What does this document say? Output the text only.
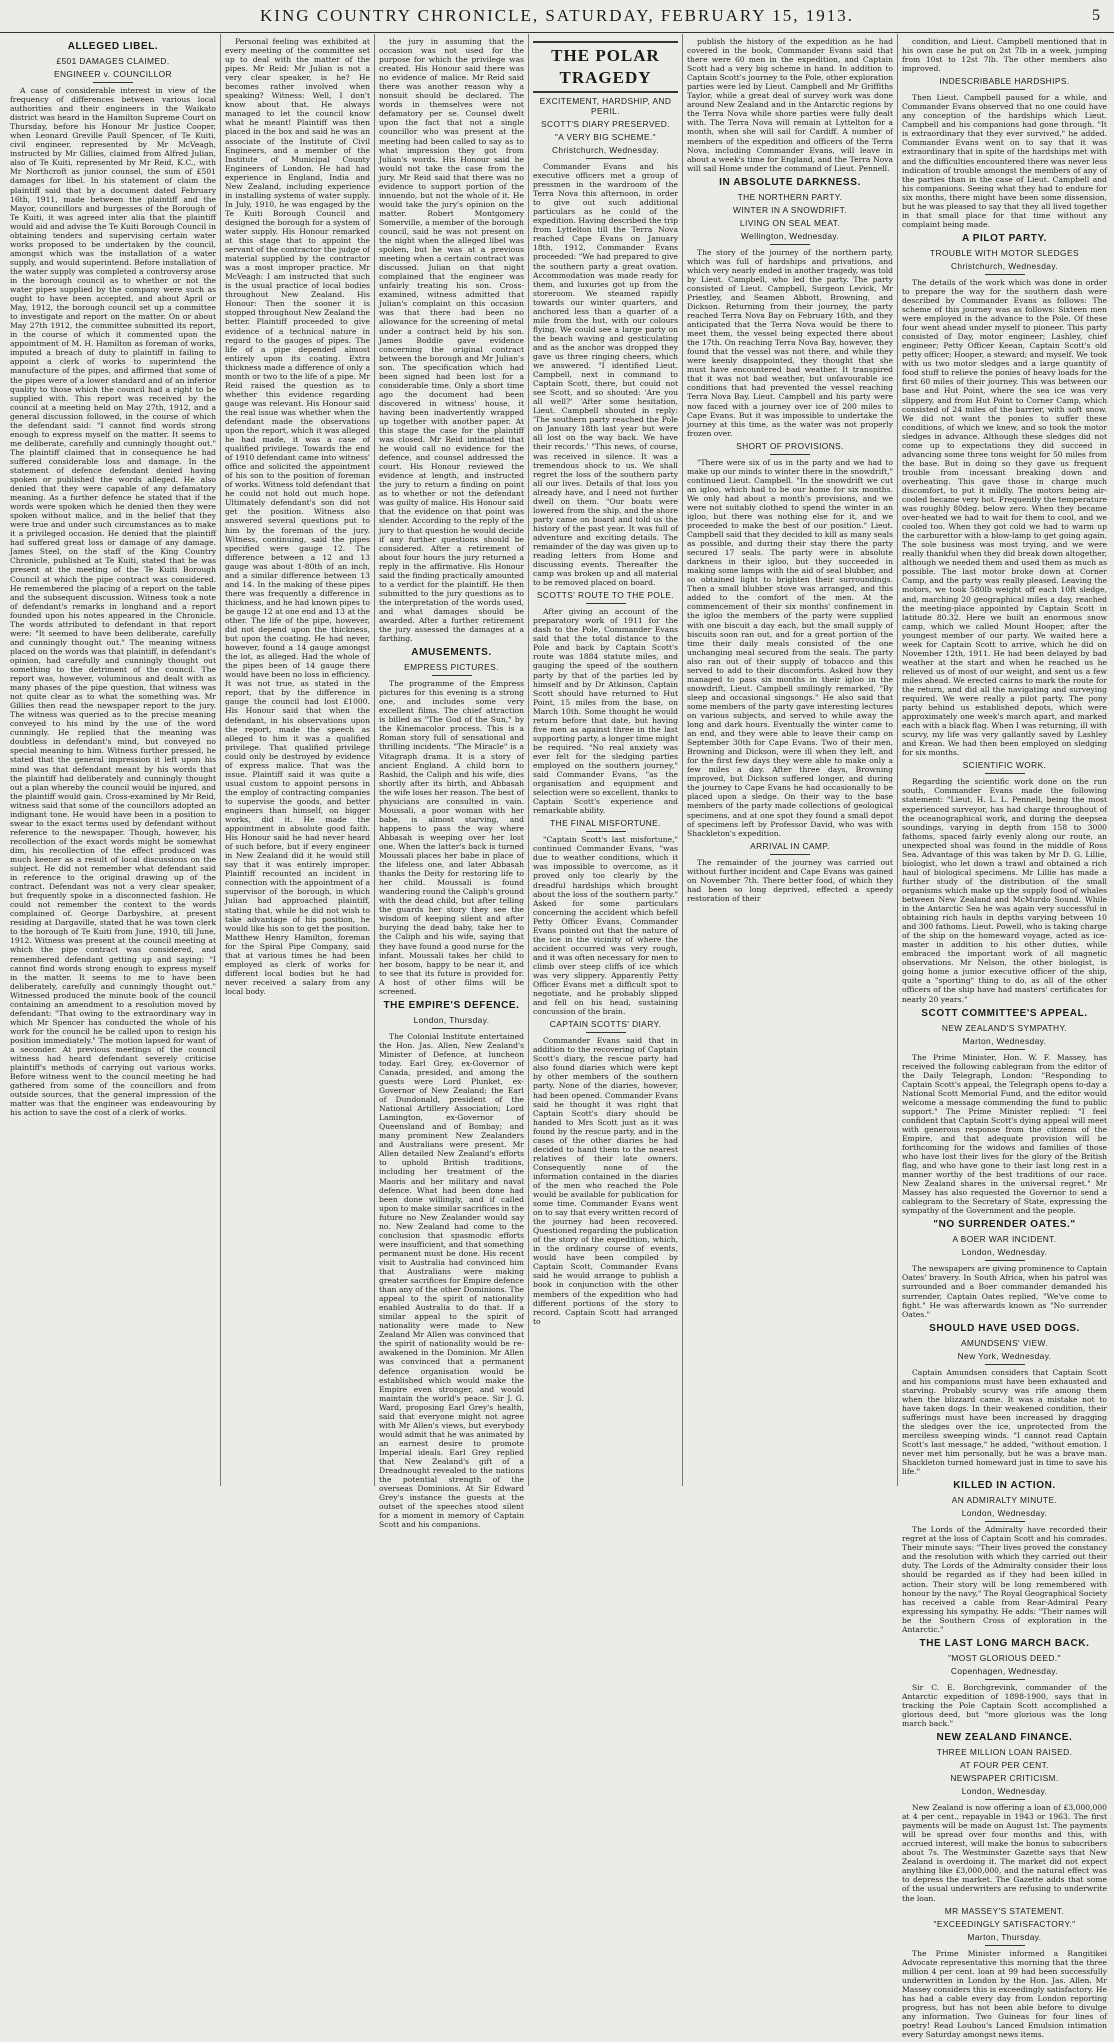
KING COUNTRY CHRONICLE, SATURDAY, FEBRUARY 15, 1913.	5
ALLEGED LIBEL.
£501 DAMAGES CLAIMED.
ENGINEER v. COUNCILLOR

A case of considerable interest in view of the frequency of differences between various local authorities and their engineers in the Waikato district was heard in the Hamilton Supreme Court on Thursday, before his Honour Mr Justice Cooper, when Leonard Greville Paull Spencer, of Te Kuiti, civil engineer, represented by Mr McVeagh, instructed by Mr Gillies, claimed from Alfred Julian, also of Te Kuiti, represented by Mr Reid, K.C., with Mr Northcroft as junior counsel, the sum of £501 damages for libel. In his statement of claim the plaintiff said that by a document dated February 16th, 1911, made between the plaintiff and the Mayor, councillors and burgesses of the Borough of Te Kuiti, it was agreed inter alia that the plaintiff would aid and advise the Te Kuiti Borough Council in obtaining tenders and supervising certain water works proposed to be undertaken by the council, amongst which was the installation of a water supply, and would superintend. Before installation of the water supply was completed a controversy arose in the borough council as to whether or not the water pipes supplied by the company were such as ought to have been accepted, and about April or May, 1912, the borough council set up a committee to investigate and report on the matter. On or about May 27th 1912, the committee submitted its report, in the course of which it commented upon the appointment of M. H. Hamilton as foreman of works, imputed a breach of duty to plaintiff in failing to appoint a clerk of works to superintend the manufacture of the pipes, and affirmed that some of the pipes were of a lower standard and of an inferior quality to those which the council had a right to be supplied with. This report was received by the council at a meeting held on May 27th, 1912, and a general discussion followed, in the course of which the defendant said: "I cannot find words strong enough to express myself on the matter. It seems to me deliberate, carefully and cunningly thought out." The plaintiff claimed that in consequence he had suffered considerable loss and damage. In the statement of defence defendant denied having spoken or published the words alleged. He also denied that they were capable of any defamatory meaning. As a further defence he stated that if the words were spoken which he denied then they were spoken without malice, and in the belief that they were true and under such circumstances as to make it a privileged occasion. He denied that the plaintiff had suffered great loss or damage of any damage. James Steel, on the staff of the King Country Chronicle, published at Te Kuiti, stated that he was present at the meeting of the Te Kuiti Borough Council at which the pipe contract was considered. He remembered the placing of a report on the table and the subsequent discussion. Witness took a note of defendant's remarks in longhand and a report founded upon his notes appeared in the Chronicle. The words attributed to defendant in that report were: "It seemed to have been deliberate, carefully and cunningly thought out." The meaning witness placed on the words was that plaintiff, in defendant's opinion, had carefully and cunningly thought out something to the detriment of the council. The report was, however, voluminous and dealt with as many phases of the pipe question, that witness was not quite clear as to what the something was. Mr Gillies then read the newspaper report to the jury. The witness was queried as to the precise meaning conveyed to his mind by the use of the word cunningly. He replied that the meaning was doubtless in defendant's mind, but conveyed no special meaning to him. Witness further pressed, he stated that the general impression it left upon his mind was that defendant meant by his words that the plaintiff had deliberately and cunningly thought out a plan whereby the council would be injured, and the plaintiff would gain. Cross-examined by Mr Reid, witness said that some of the councillors adopted an indignant tone. He would have been in a position to swear to the exact terms used by defendant without reference to the newspaper. Though, however, his recollection of the exact words might be somewhat dim, his recollection of the effect produced was much keener as a result of local discussions on the subject. He did not remember what defendant said in reference to the original drawing up of the contract. Defendant was not a very clear speaker, but frequently spoke in a disconnected fashion. He could not remember the context to the words complained of. George Darbyshire, at present residing at Dargaville, stated that he was town clerk to the borough of Te Kuiti from June, 1910, till June, 1912. Witness was present at the council meeting at which the pipe contract was considered, and remembered defendant getting up and saying: "I cannot find words strong enough to express myself in the matter. It seems to me to have been deliberately, carefully and cunningly thought out." Witnessed produced the minute book of the council containing an amendment to a resolution moved by defendant: "That owing to the extraordinary way in which Mr Spencer has conducted the whole of his work for the council he be called upon to resign his position immediately." The motion lapsed for want of a seconder. At previous meetings of the council witness had heard defendant severely criticise plaintiff's methods of carrying out various works. Before witness went to the council meeting he had gathered from some of the councillors and from outside sources, that the general impression of the matter was that the engineer was endeavouring by his action to save the cost of a clerk of works.

Personal feeling was exhibited at every meeting of the committee set up to deal with the matter of the pipes. Mr Reid: Mr Julian is not a very clear speaker, is he? He becomes rather involved when speaking? Witness: Well, I don't know about that. He always managed to let the council know what he meant! Plaintiff was then placed in the box and said he was an associate of the Institute of Civil Engineers, and a member of the Institute of Municipal County Engineers of London. He had had experience in England, India and New Zealand, including experience in installing systems of water supply. In July, 1910, he was engaged by the Te Kuiti Borough Council and designed the borough for a system of water supply. His Honour remarked at this stage that to appoint the servant of the contractor the judge of material supplied by the contractor was a most improper practice. Mr McVeagh: I am instructed that such is the usual practice of local bodies throughout New Zealand. His Honour: Then the sooner it is stopped throughout New Zealand the better. Plaintiff proceeded to give evidence of a technical nature in regard to the gauges of pipes. The life of a pipe depended almost entirely upon its coating. Extra thickness made a difference of only a month or two to the life of a pipe. Mr Reid raised the question as to whether this evidence regarding gauge was relevant. His Honour said the real issue was whether when the defendant made the observations upon the report, which it was alleged he had made, it was a case of qualified privilege. Towards the end of 1910 defendant came into witness' office and solicited the appointment of his son to the position of foreman of works. Witness told defendant that he could not hold out much hope. Ultimately defendant's son did not get the position. Witness also answered several questions put to him by the foreman of the jury. Witness, continuing, said the pipes specified were gauge 12. The difference between a 12 and 13 gauge was about 1-80th of an inch, and a similar difference between 13 and 14. In the making of these pipes there was frequently a difference in thickness, and he had known pipes to be gauge 12 at one end and 13 at the other. The life of the pipe, however, did not depend upon the thickness, but upon the coating. He had never, however, found a 14 gauge amongst the lot, as alleged. Had the whole of the pipes been of 14 gauge there would have been no loss in efficiency. It was not true, as stated in the report, that by the difference in gauge the council had lost £1000. His Honour said that when the defendant, in his observations upon the report, made the speech as alleged to him it was a qualified privilege. That qualified privilege could only be destroyed by evidence of express malice. That was the issue. Plaintiff said it was quite a usual custom to appoint persons in the employ of contracting companies to supervise the goods, and better engineers than himself, on bigger works, did it. He made the appointment in absolute good faith. His Honour said he had never heard of such before, but if every engineer in New Zealand did it he would still say that it was entirely improper. Plaintiff recounted an incident in connection with the appointment of a supervisor of the borough, in which Julian had approached plaintiff, stating that, while he did not wish to take advantage of his position, he would like his son to get the position. Matthew Henry Hamilton, foreman for the Spiral Pipe Company, said that at various times he had been employed as clerk of works for different local bodies but he had never received a salary from any local body.

the jury in assuming that the occasion was not used for the purpose for which the privilege was created. His Honour said there was no evidence of malice. Mr Reid said there was another reason why a nonsuit should be declared. The words in themselves were not defamatory per se. Counsel dwelt upon the fact that not a single councillor who was present at the meeting had been called to say as to what impression they got from Julian's words. His Honour said he would not take the case from the jury. Mr Reid said that there was no evidence to support portion of the innuendo, but not the whole of it. He would take the jury's opinion on the matter. Robert Montgomery Somerville, a member of the borough council, said he was not present on the night when the alleged libel was spoken, but he was at a previous meeting when a certain contract was discussed. Julian on that night complained that the engineer was unfairly treating his son. Cross-examined, witness admitted that Julian's complaint on this occasion was that there had been no allowance for the screening of metal under a contract held by his son. James Boddie gave evidence concerning the original contract between the borough and Mr Julian's son. The specification which had been signed had been lost for a considerable time. Only a short time ago the document had been discovered in witness' house, it having been inadvertently wrapped up together with another paper. At this stage the case for the plaintiff was closed. Mr Reid intimated that he would call no evidence for the defence, and counsel addressed the court. His Honour reviewed the evidence at length, and instructed the jury to return a finding on point as to whether or not the defendant was guilty of malice. His Honour said that the evidence on that point was slender. According to the reply of the jury to that question he would decide if any further questions should be considered. After a retirement of about four hours the jury returned a reply in the affirmative. His Honour said the finding practically amounted to a verdict for the plaintiff. He then submitted to the jury questions as to the interpretation of the words used, and what damages should be awarded. After a further retirement the jury assessed the damages at a farthing.

AMUSEMENTS.
EMPRESS PICTURES.

The programme of the Empress pictures for this evening is a strong one, and includes some very excellent films. The chief attraction is billed as "The God of the Sun," by the Kinemacolor process. This is a Roman story full of sensational and thrilling incidents. "The Miracle" is a Vitagraph drama. It is a story of ancient England. A child born to Rashid, the Caliph and his wife, dies shortly after its birth, and Abbasah the wife loses her reason. The best of physicians are consulted in vain. Moussali, a poor woman with her babe, is almost starving, and happens to pass the way where Abbasah is weeping over her lost one. When the latter's back is turned Moussali places her babe in place of the lifeless one, and later Abbasah thanks the Deity for restoring life to her child. Moussali is found wandering round the Caliph's ground with the dead child, but after telling the guards her story they see the wisdom of keeping silent and after burying the dead baby, take her to the Caliph and his wife, saying that they have found a good nurse for the infant. Moussali takes her child to her bosom, happy to be near it, and to see that its future is provided for. A host of other films will be screened.

THE EMPIRE'S DEFENCE.
London, Thursday.

The Colonial Institute entertained the Hon. Jas. Allen, New Zealand's Minister of Defence, at luncheon today. Earl Grey, ex-Governor of Canada, presided, and among the guests were Lord Plunket, ex-Governor of New Zealand; the Earl of Dundonald, president of the National Artillery Association; Lord Lamington, ex-Governor of Queensland and of Bombay; and many prominent New Zealanders and Australians were present. Mr Allen detailed New Zealand's efforts to uphold British traditions, including her treatment of the Maoris and her military and naval defence. What had been done had been done willingly, and if called upon to make similar sacrifices in the future no New Zealander would say no. New Zealand had come to the conclusion that spasmodic efforts were insufficient, and that something permanent must be done. His recent visit to Australia had convinced him that Australians were making greater sacrifices for Empire defence than any of the other Dominions. The appeal to the spirit of nationality enabled Australia to do that. If a similar appeal to the spirit of nationality were made to New Zealand Mr Allen was convinced that the spirit of nationality would be re-awakened in the Dominion. Mr Allen was convinced that a permanent defence organisation would be established which would make the Empire even stronger, and would maintain the world's peace. Sir J. G. Ward, proposing Earl Grey's health, said that everyone might not agree with Mr Allen's views, but everybody would admit that he was animated by an earnest desire to promote Imperial ideals. Earl Grey replied that New Zealand's gift of a Dreadnought revealed to the nations the potential strength of the overseas Dominions. At Sir Edward Grey's instance the guests at the outset of the speeches stood silent for a moment in memory of Captain Scott and his companions.

THE POLAR TRAGEDY
EXCITEMENT, HARDSHIP, AND PERIL.
SCOTT'S DIARY PRESERVED.
"A VERY BIG SCHEME."
Christchurch, Wednesday.

Commander Evans and his executive officers met a group of pressmen in the wardroom of the Terra Nova this afternoon, in order to give out such additional particulars as he could of the expedition. Having described the trip from Lyttelton till the Terra Nova reached Cape Evans on January 18th, 1912, Commander Evans proceeded: "We had prepared to give the southern party a great ovation. Accommodation was made ready for them, and luxuries got up from the storeroom. We steamed rapidly towards our winter quarters, and anchored less than a quarter of a mile from the hut, with our colours flying. We could see a large party on the beach waving and gesticulating and as the anchor was dropped they gave us three ringing cheers, which we answered. "I identified Lieut. Campbell, next in command to Captain Scott, there, but could not see Scott, and so shouted: 'Are you all well?' 'After some hesitation, Lieut. Campbell shouted in reply: 'The southern party reached the Pole on January 18th last year but were all lost on the way back. We have their records.' "This news, of course, was received in silence. It was a tremendous shock to us. We shall regret the loss of the southern party all our lives. Details of that loss you already have, and I need not further dwell on them. "Our boats were lowered from the ship, and the shore party came on board and told us the history of the past year. It was full of adventure and exciting details. The remainder of the day was given up to reading letters from Home and discussing events. Thereafter the camp was broken up and all material to be removed placed on board.

SCOTTS' ROUTE TO THE POLE.

After giving an account of the preparatory work of 1911 for the dash to the Pole, Commander Evans said that the total distance to the Pole and back by Captain Scott's route was 1884 statute miles, and gauging the speed of the southern party by that of the parties led by himself and by Dr Atkinson, Captain Scott should have returned to Hut Point, 15 miles from the base, on March 10th. Some thought he would return before that date, but having five men as against three in the last supporting party, a longer time might be required. "No real anxiety was ever felt for the sledging parties employed on the southern journey," said Commander Evans, "as the organisation and equipment and selection were so excellent, thanks to Captain Scott's experience and remarkable ability.

THE FINAL MISFORTUNE.

"Captain Scott's last misfortune," continued Commander Evans, "was due to weather conditions, which it was impossible to overcome, as it proved only too clearly by the dreadful hardships which brought about the loss of the southern party." Asked for some particulars concerning the accident which befell Petty Officer Evans, Commander Evans pointed out that the nature of the ice in the vicinity of where the accident occurred was very rough, and it was often necessary for men to climb over steep cliffs of ice which was very slippery. Apparently Petty Officer Evans met a difficult spot to negotiate, and he probably slipped and fell on his head, sustaining concussion of the brain.

CAPTAIN SCOTTS' DIARY.

Commander Evans said that in addition to the recovering of Captain Scott's diary, the rescue party had also found diaries which were kept by other members of the southern party. None of the diaries, however, had been opened. Commander Evans said he thought it was right that Captain Scott's diary should be handed to Mrs Scott just as it was found by the rescue party, and in the cases of the other diaries he had decided to hand them to the nearest relatives of their late owners. Consequently none of the information contained in the diaries of the men who reached the Pole would be available for publication for some time. Commander Evans went on to say that every written record of the journey had been recovered. Questioned regarding the publication of the story of the expedition, which, in the ordinary course of events, would have been compiled by Captain Scott, Commander Evans said he would arrange to publish a book in conjunction with the other members of the expedition who had different portions of the story to record. Captain Scott had arranged to

publish the history of the expedition as he had covered in the book, Commander Evans said that there were 60 men in the expedition, and Captain Scott had a very big scheme in hand. In addition to Captain Scott's journey to the Pole, other exploration parties were led by Lieut. Campbell and Mr Griffiths Taylor, while a great deal of survey work was done around New Zealand and in the Antarctic regions by the Terra Nova while shore parties were fully dealt with. The Terra Nova will remain at Lyttelton for a month, when she will sail for Cardiff. A number of members of the expedition and officers of the Terra Nova, including Commander Evans, will leave in about a week's time for England, and the Terra Nova will sail Home under the command of Lieut. Pennell.

IN ABSOLUTE DARKNESS.
THE NORTHERN PARTY.
WINTER IN A SNOWDRIFT.
LIVING ON SEAL MEAT.
Wellington, Wednesday.

The story of the journey of the northern party, which was full of hardships and privations, and which very nearly ended in another tragedy, was told by Lieut. Campbell, who led the party. The party consisted of Lieut. Campbell, Surgeon Levick, Mr Priestley, and Seamen Abbott, Browning, and Dickson. Returning from their journey, the party reached Terra Nova Bay on February 16th, and they anticipated that the Terra Nova would be there to meet them, the vessel being expected there about the 17th. On reaching Terra Nova Bay, however, they found that the vessel was not there, and while they were keenly disappointed, they thought that she must have encountered bad weather. It transpired that it was not bad weather, but unfavourable ice conditions that had prevented the vessel reaching Terra Nova Bay. Lieut. Campbell and his party were now faced with a journey over ice of 200 miles to Cape Evans. But it was impossible to undertake the journey at this time, as the water was not properly frozen over.

SHORT OF PROVISIONS.

"There were six of us in the party and we had to make up our minds to winter there in the snowdrift," continued Lieut. Campbell. "In the snowdrift we cut an igloo, which had to be our home for six months. We only had about a month's provisions, and we were not suitably clothed to spend the winter in an igloo, but there was nothing else for it, and we proceeded to make the best of our position." Lieut. Campbell said that they decided to kill as many seals as possible, and during their stay there the party secured 17 seals. The party were in absolute darkness in their igloo, but they succeeded in making some lamps with the aid of seal blubber, and so obtained light to brighten their surroundings. Then a small blubber stove was arranged, and this added to the comfort of the men. At the commencement of their six months' confinement in the igloo the members of the party were supplied with one biscuit a day each, but the small supply of biscuits soon ran out, and for a great portion of the time their daily meals consisted of the one unchanging meal secured from the seals. The party also ran out of their supply of tobacco and this served to add to their discomforts. Asked how they managed to pass six months in their igloo in the snowdrift, Lieut. Campbell smilingly remarked, "By sleep and occasional singsongs." He also said that some members of the party gave interesting lectures on various subjects, and served to while away the long and dark hours. Eventually the winter came to an end, and they were able to leave their camp on September 30th for Cape Evans. Two of their men, Browning and Dickson, were ill when they left, and for the first few days they were able to make only a few miles a day. After three days, Browning improved, but Dickson suffered longer, and during the journey to Cape Evans he had occasionally to be placed upon a sledge. On their way to the base members of the party made collections of geological specimens, and at one spot they found a small depot of specimens left by Professor David, who was with Shackleton's expedition.

ARRIVAL IN CAMP.

The remainder of the journey was carried out without further incident and Cape Evans was gained on November 7th. There better food, of which they had been so long deprived, effected a speedy restoration of their

condition, and Lieut. Campbell mentioned that in his own case he put on 2st 7lb in a week, jumping from 10st to 12st 7lb. The other members also improved.

INDESCRIBABLE HARDSHIPS.

Then Lieut. Campbell paused for a while, and Commander Evans observed that no one could have any conception of the hardships which Lieut. Campbell and his companions had gone through. "It is extraordinary that they ever survived," he added. Commander Evans went on to say that it was extraordinary that in spite of the hardships met with and the difficulties encountered there was never less indication of trouble amongst the members of any of the parties than in the case of Lieut. Campbell and his companions. Seeing what they had to endure for six months, there might have been some dissension, but he was pleased to say that they all lived together in that small place for that time without any complaint being made.

A PILOT PARTY.
TROUBLE WITH MOTOR SLEDGES
Christchurch, Wednesday.

The details of the work which was done in order to prepare the way for the southern dash were described by Commander Evans as follows: The scheme of this journey was as follows: Sixteen men were employed in the advance to the Pole. Of these four went ahead under myself to pioneer. This party consisted of Day, motor engineer; Lashley, chief engineer; Petty Officer Keean, Captain Scott's old petty officer; Hooper, a steward; and myself. We took with us two motor sledges and a large quantity of food stuff to relieve the ponies of heavy loads for the first 60 miles of their journey. This was between our base and Hut Point, where the sea ice was very slippery, and from Hut Point to Corner Camp, which consisted of 24 miles of the barrier, with soft snow. We did not want the ponies to suffer these conditions, of which we knew, and so took the motor sledges in advance. Although these sledges did not come up to expectations they did succeed in advancing some three tons weight for 50 miles from the base. But in doing so they gave us frequent trouble from incessant breaking down and overheating. This gave those in charge much discomfort, to put it mildly. The motors being air-cooled became very hot. Frequently the temperature was roughly 80deg. below zero. When they became over-heated we had to wait for them to cool, and we cooled too. When they got cold we had to warm up the carburettor with a blow-lamp to get going again. The sole business was most trying, and we were really thankful when they did break down altogether, although we needed them and used them as much as possible. The last motor broke down at Corner Camp, and the party was really pleased. Leaving the motors, we took 580lb weight off each 10ft sledge, and, marching 20 geographical miles a day, reached the meeting-place appointed by Captain Scott in latitude 80.32. Here we built an enormous snow camp, which we called Mount Hooper, after the youngest member of our party. We waited here a week for Captain Scott to arrive, which he did on November 12th, 1911. He had been delayed by bad weather at the start and when he reached us he relieved us of most of our weight, and sent us a few miles ahead. We erected cairns to mark the route for the return, and did all the navigating and surveying required. We were really a pilot party. The pony party behind us established depots, which were approximately one week's march apart, and marked each with a black flag. When I was returning, ill with scurvy, my life was very gallantly saved by Lashley and Krean. We had then been employed on sledging for six months.

SCIENTIFIC WORK.

Regarding the scientific work done on the run south, Commander Evans made the following statement: "Lieut. H. L. L. Pennell, being the most experienced surveyor, has had charge throughout of the oceanographical work, and during the deepsea soundings, varying in depth from 158 to 3000 fathoms, spaced fairly evenly along our route, an unexpected shoal was found in the middle of Ross Sea. Advantage of this was taken by Mr D. G. Lillie, biologist, who let down a trawl and obtained a rich haul of biological specimens. Mr Lillie has made a further study of the distribution of the small organisms which make up the supply food of whales between New Zealand and McMurdo Sound. While in the Antarctic Sea he was again very successful in obtaining rich hauls in depths varying between 10 and 300 fathoms. Lieut. Powell, who is taking charge of the ship on the homeward voyage, acted as ice-master in addition to his other duties, while embraced the important work of all magnetic observations. Mr Nelson, the other biologist, is going home a junior executive officer of the ship, quite a "sporting" thing to do, as all of the other officers of the ship have had masters' certificates for nearly 20 years."

SCOTT COMMITTEE'S APPEAL.
NEW ZEALAND'S SYMPATHY.
Marton, Wednesday.

The Prime Minister, Hon. W. F. Massey, has received the following cablegram from the editor of the Daily Telegraph, London: "Responding to Captain Scott's appeal, the Telegraph opens to-day a National Scott Memorial Fund, and the editor would welcome a message commending the fund to public support." The Prime Minister replied: "I feel confident that Captain Scott's dying appeal will meet with generous response from the citizens of the Empire, and that adequate provision will be forthcoming for the widows and families of those who have lost their lives for the glory of the British flag, and who have gone to their last long rest in a manner worthy of the best traditions of our race. New Zealand shares in the universal regret." Mr Massey has also requested the Governor to send a cablegram to the Secretary of State, expressing the sympathy of the Government and the people.

"NO SURRENDER OATES."
A BOER WAR INCIDENT.
London, Wednesday.

The newspapers are giving prominence to Captain Oates' bravery. In South Africa, when his patrol was surrounded and a Boer commander demanded his surrender, Captain Oates replied, "We've come to fight." He was afterwards known as "No surrender Oates."

SHOULD HAVE USED DOGS.
AMUNDSENS' VIEW.
New York, Wednesday.

Captain Amundsen considers that Captain Scott and his companions must have been exhausted and starving. Probably scurvy was rife among them when the blizzard came. It was a mistake not to have taken dogs. In their weakened condition, their sufferings must have been increased by dragging the sledges over the ice, unprotected from the merciless sweeping winds. "I cannot read Captain Scott's last message," he added, "without emotion. I never met him personally, but he was a brave man. Shackleton turned homeward just in time to save his life."

KILLED IN ACTION.
AN ADMIRALTY MINUTE.
London, Wednesday.

The Lords of the Admiralty have recorded their regret at the loss of Captain Scott and his comrades. Their minute says: "Their lives proved the constancy and the resolution with which they carried out their duty. The Lords of the Admiralty consider their loss should be regarded as if they had been killed in action. Their story will be long remembered with honour by the navy." The Royal Geographical Society has received a cable from Rear-Admiral Peary expressing his sympathy. He adds: "Their names will be the Southern Cross of exploration in the Antarctic."

THE LAST LONG MARCH BACK.
"MOST GLORIOUS DEED."
Copenhagen, Wednesday.

Sir C. E. Borchgrevink, commander of the Antarctic expedition of 1898-1900, says that in tracking the Pole Captain Scott accomplished a glorious deed, but "more glorious was the long march back."

NEW ZEALAND FINANCE.
THREE MILLION LOAN RAISED.
AT FOUR PER CENT.
NEWSPAPER CRITICISM.
London, Wednesday.

New Zealand is now offering a loan of £3,000,000 at 4 per cent., repayable in 1943 or 1963. The first payments will be made on August 1st. The payments will be spread over four months and this, with accrued interest, will make the bonus to subscribers about 7s. The Westminster Gazette says that New Zealand is overdoing it. The market did not expect anything like £3,000,000, and the natural effect was to depress the market. The Gazette adds that some of the usual underwriters are refusing to underwrite the loan.

MR MASSEY'S STATEMENT.
"EXCEEDINGLY SATISFACTORY."
Marton, Thursday.

The Prime Minister informed a Rangitikei Advocate representative this morning that the three million 4 per cent. loan at 99 had been successfully underwritten in London by the Hon. Jas. Allen. Mr Massey considers this is exceedingly satisfactory. He has had a cable every day from London reporting progress, but has not been able before to divulge any information. Two Guineas for four lines of poetry! Read Loubou's Lanced Emulsion intimation every Saturday amongst news items.
